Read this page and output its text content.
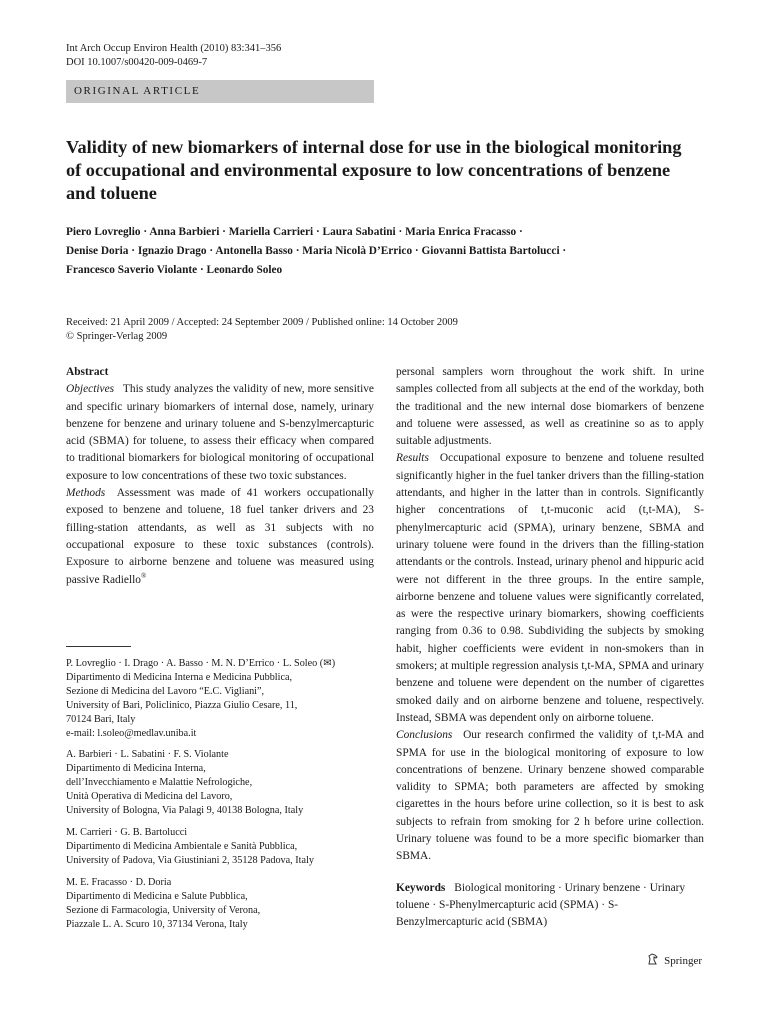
Int Arch Occup Environ Health (2010) 83:341–356
DOI 10.1007/s00420-009-0469-7
ORIGINAL ARTICLE
Validity of new biomarkers of internal dose for use in the biological monitoring of occupational and environmental exposure to low concentrations of benzene and toluene
Piero Lovreglio · Anna Barbieri · Mariella Carrieri · Laura Sabatini · Maria Enrica Fracasso ·
Denise Doria · Ignazio Drago · Antonella Basso · Maria Nicolà D’Errico · Giovanni Battista Bartolucci ·
Francesco Saverio Violante · Leonardo Soleo
Received: 21 April 2009 / Accepted: 24 September 2009 / Published online: 14 October 2009
© Springer-Verlag 2009
Abstract
Objectives This study analyzes the validity of new, more sensitive and specific urinary biomarkers of internal dose, namely, urinary benzene for benzene and urinary toluene and S-benzylmercapturic acid (SBMA) for toluene, to assess their efficacy when compared to traditional biomarkers for biological monitoring of occupational exposure to low concentrations of these two toxic substances.
Methods Assessment was made of 41 workers occupationally exposed to benzene and toluene, 18 fuel tanker drivers and 23 filling-station attendants, as well as 31 subjects with no occupational exposure to these toxic substances (controls). Exposure to airborne benzene and toluene was measured using passive Radiello®

P. Lovreglio · I. Drago · A. Basso · M. N. D’Errico · L. Soleo (✉)

Dipartimento di Medicina Interna e Medicina Pubblica,

Sezione di Medicina del Lavoro “E.C. Vigliani”,

University of Bari, Policlinico, Piazza Giulio Cesare, 11,

70124 Bari, Italy

e-mail: l.soleo@medlav.uniba.it

A. Barbieri · L. Sabatini · F. S. Violante

Dipartimento di Medicina Interna,

dell’Invecchiamento e Malattie Nefrologiche,

Unità Operativa di Medicina del Lavoro,

University of Bologna, Via Palagi 9, 40138 Bologna, Italy

M. Carrieri · G. B. Bartolucci

Dipartimento di Medicina Ambientale e Sanità Pubblica,

University of Padova, Via Giustiniani 2, 35128 Padova, Italy

M. E. Fracasso · D. Doria

Dipartimento di Medicina e Salute Pubblica,

Sezione di Farmacologia, University of Verona,

Piazzale L. A. Scuro 10, 37134 Verona, Italy

personal samplers worn throughout the work shift. In urine samples collected from all subjects at the end of the workday, both the traditional and the new internal dose biomarkers of benzene and toluene were assessed, as well as creatinine so as to apply suitable adjustments.
Results Occupational exposure to benzene and toluene resulted significantly higher in the fuel tanker drivers than the filling-station attendants, and higher in the latter than in controls. Significantly higher concentrations of t,t-muconic acid (t,t-MA), S-phenylmercapturic acid (SPMA), urinary benzene, SBMA and urinary toluene were found in the drivers than the filling-station attendants or the controls. Instead, urinary phenol and hippuric acid were not different in the three groups. In the entire sample, airborne benzene and toluene values were significantly correlated, as were the respective urinary biomarkers, showing coefficients ranging from 0.36 to 0.98. Subdividing the subjects by smoking habit, higher coefficients were evident in non-smokers than in smokers; at multiple regression analysis t,t-MA, SPMA and urinary benzene and toluene were dependent on the number of cigarettes smoked daily and on airborne benzene and toluene, respectively. Instead, SBMA was dependent only on airborne toluene.
Conclusions Our research confirmed the validity of t,t-MA and SPMA for use in the biological monitoring of exposure to low concentrations of benzene. Urinary benzene showed comparable validity to SPMA; both parameters are affected by smoking cigarettes in the hours before urine collection, so it is best to ask subjects to refrain from smoking for 2 h before urine collection. Urinary toluene was found to be a more specific biomarker than SBMA.
Keywords Biological monitoring · Urinary benzene · Urinary toluene · S-Phenylmercapturic acid (SPMA) · S-Benzylmercapturic acid (SBMA)
Springer
